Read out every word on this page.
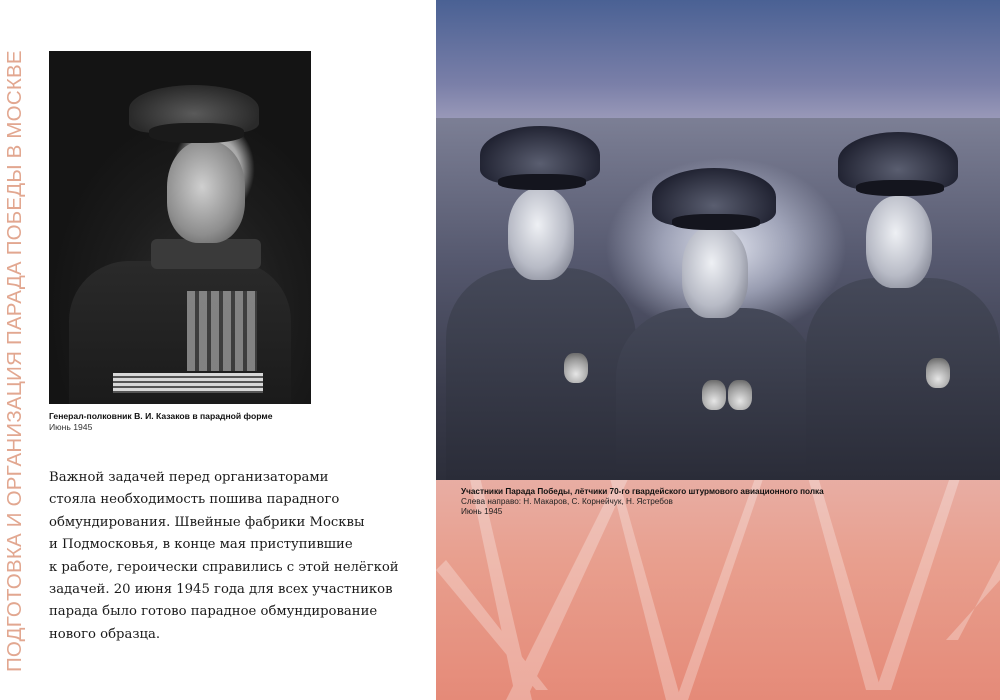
ПОДГОТОВКА И ОРГАНИЗАЦИЯ ПАРАДА ПОБЕДЫ В МОСКВЕ	Генерал-полковник В. И. Казаков в парадной форме
Июнь 1945
Важной задачей перед организаторами
стояла необходимость пошива парадного
обмундирования. Швейные фабрики Москвы
и Подмосковья, в конце мая приступившие
к работе, героически справились с этой нелёгкой
задачей. 20 июня 1945 года для всех участников
парада было готово парадное обмундирование
нового образца.
Участники Парада Победы, лётчики 70-го гвардейского штурмового авиационного полка
Слева направо: Н. Макаров, С. Корнейчук, Н. Ястребов
Июнь 1945
